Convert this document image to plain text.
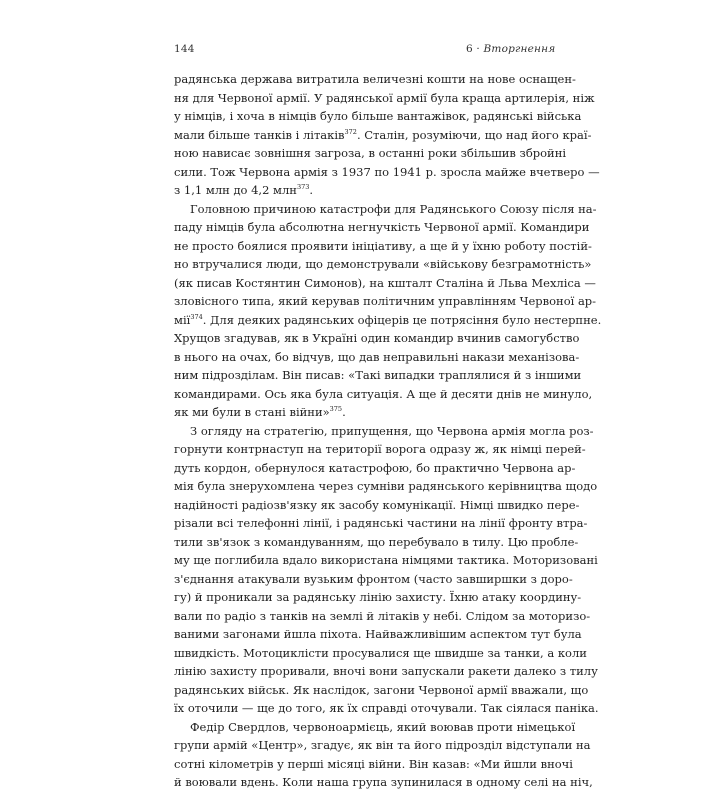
144	6 · Вторгнення
радянська держава витратила величезні кошти на нове оснащен-
ня для Червоної армії. У радянської армії була краща артилерія, ніж
у німців, і хоча в німців було більше вантажівок, радянські війська
мали більше танків і літаків$^{372}$. Сталін, розуміючи, що над його краї-
ною нависає зовнішня загроза, в останні роки збільшив збройні
сили. Тож Червона армія з 1937 по 1941 р. зросла майже вчетверо —
з 1,1 млн до 4,2 млн$^{373}$.
Головною причиною катастрофи для Радянського Союзу після на-
паду німців була абсолютна негнучкість Червоної армії. Командири
не просто боялися проявити ініціативу, а ще й у їхню роботу постій-
но втручалися люди, що демонстрували «військову безграмотність»
(як писав Костянтин Симонов), на кшталт Сталіна й Льва Мехліса —
зловісного типа, який керував політичним управлінням Червоної ар-
мії$^{374}$. Для деяких радянських офіцерів це потрясіння було нестерпне.
Хрущов згадував, як в Україні один командир вчинив самогубство
в нього на очах, бо відчув, що дав неправильні накази механізова-
ним підрозділам. Він писав: «Такі випадки траплялися й з іншими
командирами. Ось яка була ситуація. А ще й десяти днів не минуло,
як ми були в стані війни»$^{375}$.
З огляду на стратегію, припущення, що Червона армія могла роз-
горнути контрнаступ на території ворога одразу ж, як німці перей-
дуть кордон, обернулося катастрофою, бо практично Червона ар-
мія була знерухомлена через сумніви радянського керівництва щодо
надійності радіозв'язку як засобу комунікації. Німці швидко пере-
різали всі телефонні лінії, і радянські частини на лінії фронту втра-
тили зв'язок з командуванням, що перебувало в тилу. Цю пробле-
му ще поглибила вдало використана німцями тактика. Моторизовані
з'єднання атакували вузьким фронтом (часто завширшки з доро-
гу) й проникали за радянську лінію захисту. Їхню атаку координу-
вали по радіо з танків на землі й літаків у небі. Слідом за моторизо-
ваними загонами йшла піхота. Найважливішим аспектом тут була
швидкість. Мотоциклісти просувалися ще швидше за танки, а коли
лінію захисту проривали, вночі вони запускали ракети далеко з тилу
радянських військ. Як наслідок, загони Червоної армії вважали, що
їх оточили — ще до того, як їх справді оточували. Так сіялася паніка.
Федір Свердлов, червоноармієць, який воював проти німецької
групи армій «Центр», згадує, як він та його підрозділ відступали на
сотні кілометрів у перші місяці війни. Він казав: «Ми йшли вночі
й воювали вдень. Коли наша група зупинилася в одному селі на ніч,
